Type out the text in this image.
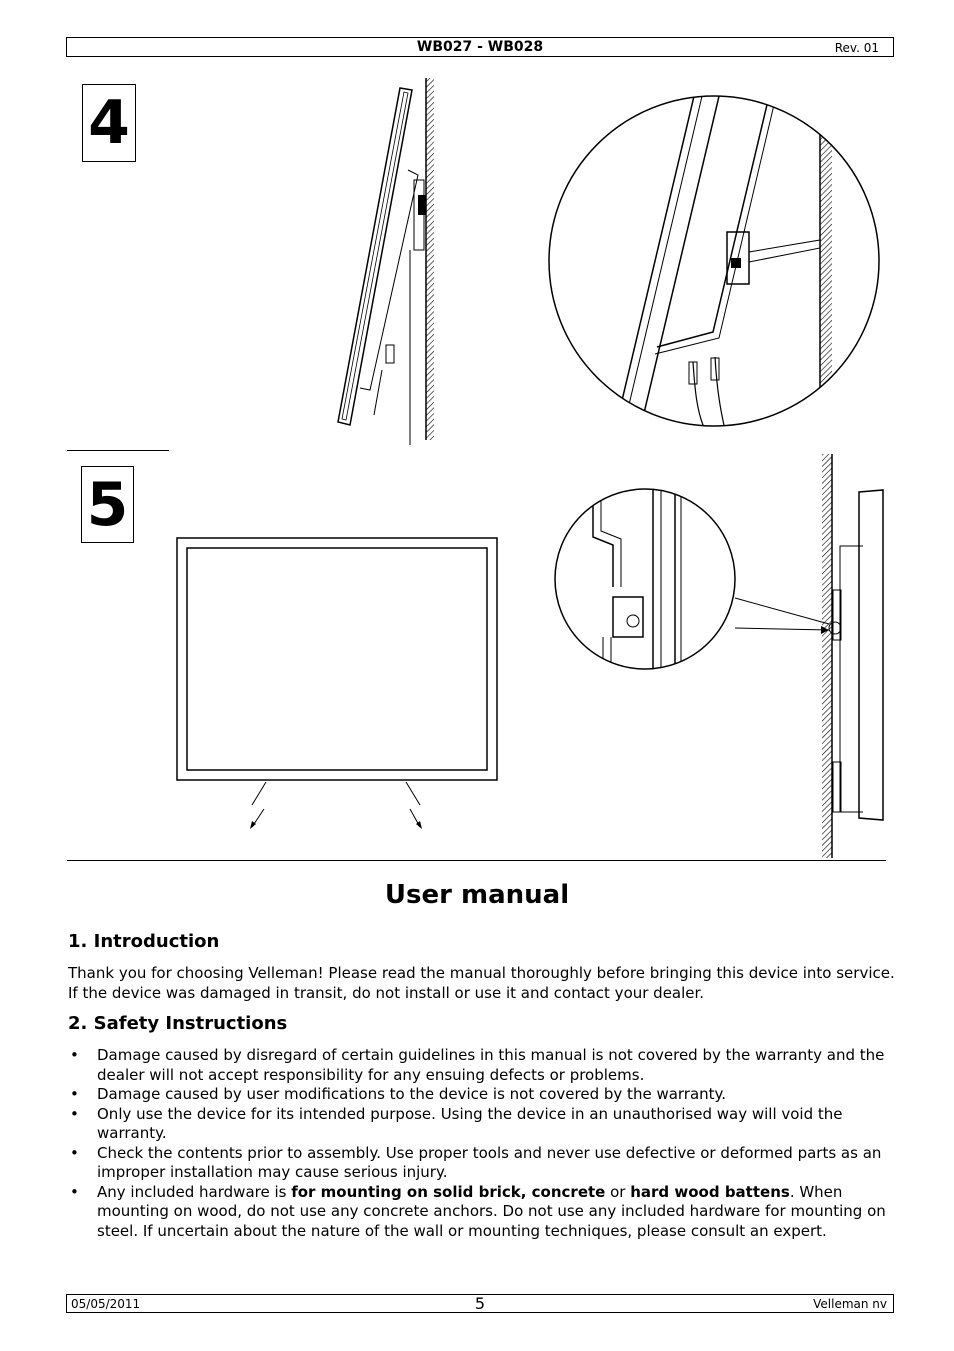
WB027 - WB028	Rev. 01
4
5
User manual
1. Introduction

Thank you for choosing Velleman! Please read the manual thoroughly before bringing this device into service. If the device was damaged in transit, do not install or use it and contact your dealer.

2. Safety Instructions
• Damage caused by disregard of certain guidelines in this manual is not covered by the warranty and the dealer will not accept responsibility for any ensuing defects or problems.
• Damage caused by user modifications to the device is not covered by the warranty.
• Only use the device for its intended purpose. Using the device in an unauthorised way will void the warranty.
• Check the contents prior to assembly. Use proper tools and never use defective or deformed parts as an improper installation may cause serious injury.
• Any included hardware is for mounting on solid brick, concrete or hard wood battens. When mounting on wood, do not use any concrete anchors. Do not use any included hardware for mounting on steel. If uncertain about the nature of the wall or mounting techniques, please consult an expert.
05/05/2011	5	Velleman nv
